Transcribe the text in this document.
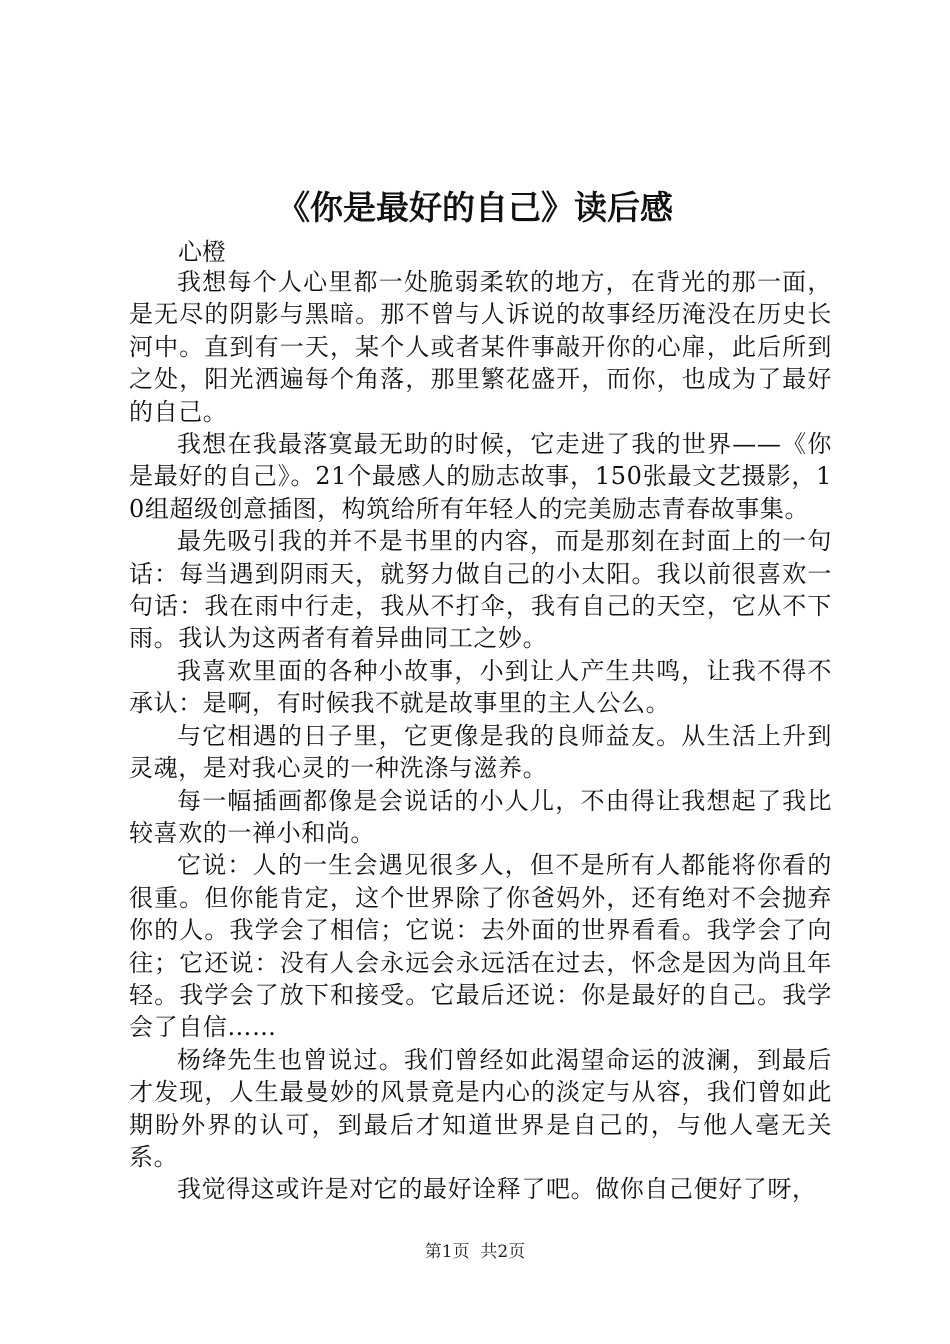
《你是最好的自己》读后感
心橙

我想每个人心里都一处脆弱柔软的地方，在背光的那一面，是无尽的阴影与黑暗。那不曾与人诉说的故事经历淹没在历史长河中。直到有一天，某个人或者某件事敲开你的心扉，此后所到之处，阳光洒遍每个角落，那里繁花盛开，而你，也成为了最好的自己。

我想在我最落寞最无助的时候，它走进了我的世界——《你是最好的自己》。21个最感人的励志故事，150张最文艺摄影，10组超级创意插图，构筑给所有年轻人的完美励志青春故事集。

最先吸引我的并不是书里的内容，而是那刻在封面上的一句话：每当遇到阴雨天，就努力做自己的小太阳。我以前很喜欢一句话：我在雨中行走，我从不打伞，我有自己的天空，它从不下雨。我认为这两者有着异曲同工之妙。

我喜欢里面的各种小故事，小到让人产生共鸣，让我不得不承认：是啊，有时候我不就是故事里的主人公么。

与它相遇的日子里，它更像是我的良师益友。从生活上升到灵魂，是对我心灵的一种洗涤与滋养。

每一幅插画都像是会说话的小人儿，不由得让我想起了我比较喜欢的一禅小和尚。

它说：人的一生会遇见很多人，但不是所有人都能将你看的很重。但你能肯定，这个世界除了你爸妈外，还有绝对不会抛弃你的人。我学会了相信；它说：去外面的世界看看。我学会了向往；它还说：没有人会永远会永远活在过去，怀念是因为尚且年轻。我学会了放下和接受。它最后还说：你是最好的自己。我学会了自信……

杨绛先生也曾说过。我们曾经如此渴望命运的波澜，到最后才发现，人生最曼妙的风景竟是内心的淡定与从容，我们曾如此期盼外界的认可，到最后才知道世界是自己的，与他人毫无关系。

我觉得这或许是对它的最好诠释了吧。做你自己便好了呀，

第1页  共2页
